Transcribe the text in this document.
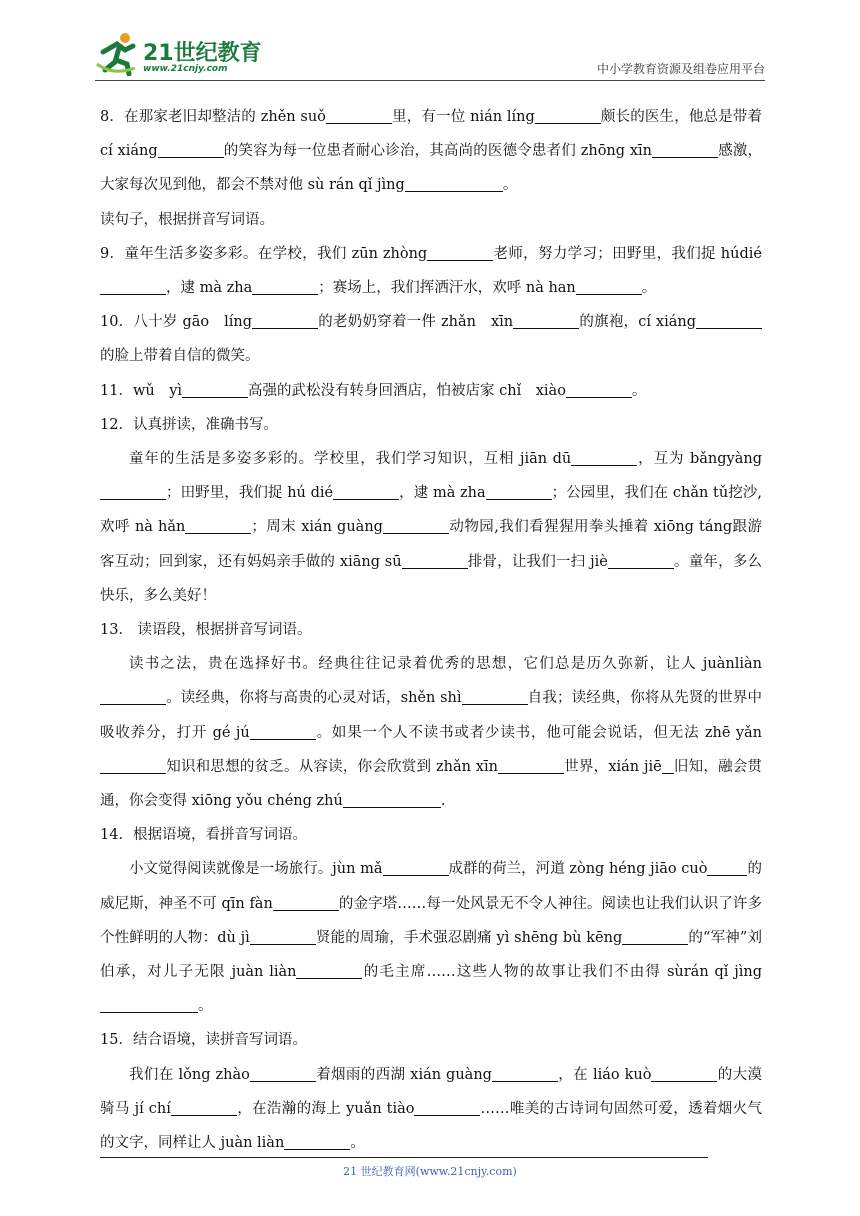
21世纪教育
www.21cnjy.com	中小学教育资源及组卷应用平台

8．在那家老旧却整洁的 zhěn suǒ	里，有一位 nián líng	颇长的医生，他总是带着 cí xiáng	的笑容为每一位患者耐心诊治，其高尚的医德令患者们 zhōng xīn	感激，大家每次见到他，都会不禁对他 sù rán qǐ jìng	。

读句子，根据拼音写词语。

9．童年生活多姿多彩。在学校，我们 zūn zhòng	老师，努力学习；田野里，我们捉 húdié，逮 mà zha	；赛场上，我们挥洒汗水，欢呼 nà han	。

10．八十岁 gāo　líng	的老奶奶穿着一件 zhǎn　xīn	的旗袍，cí xiáng的脸上带着自信的微笑。

11．wǔ　yì	高强的武松没有转身回酒店，怕被店家 chǐ　xiào	。

12．认真拼读，准确书写。

童年的生活是多姿多彩的。学校里，我们学习知识，互相 jiān dū	，互为 bǎngyàng；田野里，我们捉 hú dié	，逮 mà zha	；公园里，我们在 chǎn tǔ挖沙,欢呼 nà hǎn	；周末 xián guàng	动物园,我们看猩猩用拳头捶着 xiōng táng跟游客互动；回到家，还有妈妈亲手做的 xiāng sū	排骨，让我们一扫 jiè	。童年，多么快乐，多么美好！

13． 读语段，根据拼音写词语。

读书之法，贵在选择好书。经典往往记录着优秀的思想，它们总是历久弥新，让人 juànliàn。读经典，你将与高贵的心灵对话，shěn shì	自我；读经典，你将从先贤的世界中吸收养分，打开 gé jú	。如果一个人不读书或者少读书，他可能会说话，但无法 zhē yǎn知识和思想的贫乏。从容读，你会欣赏到 zhǎn xīn	世界，xián jiē 旧知，融会贯通，你会变得 xiōng yǒu chéng zhú	.

14．根据语境，看拼音写词语。

小文觉得阅读就像是一场旅行。jùn mǎ	成群的荷兰，河道 zòng héng jiāo cuò	的威尼斯，神圣不可 qīn fàn	的金字塔……每一处风景无不令人神往。阅读也让我们认识了许多个性鲜明的人物：dù jì	贤能的周瑜，手术强忍剧痛 yì shēng bù kēng	的“军神”刘伯承，对儿子无限 juàn liàn	的毛主席……这些人物的故事让我们不由得 sùrán qǐ jìng。

15．结合语境，读拼音写词语。

我们在 lǒng zhào	着烟雨的西湖 xián guàng	，在 liáo kuò	的大漠骑马 jí chí	，在浩瀚的海上 yuǎn tiào	……唯美的古诗词句固然可爱，透着烟火气的文字，同样让人 juàn liàn	。

21 世纪教育网(www.21cnjy.com)
